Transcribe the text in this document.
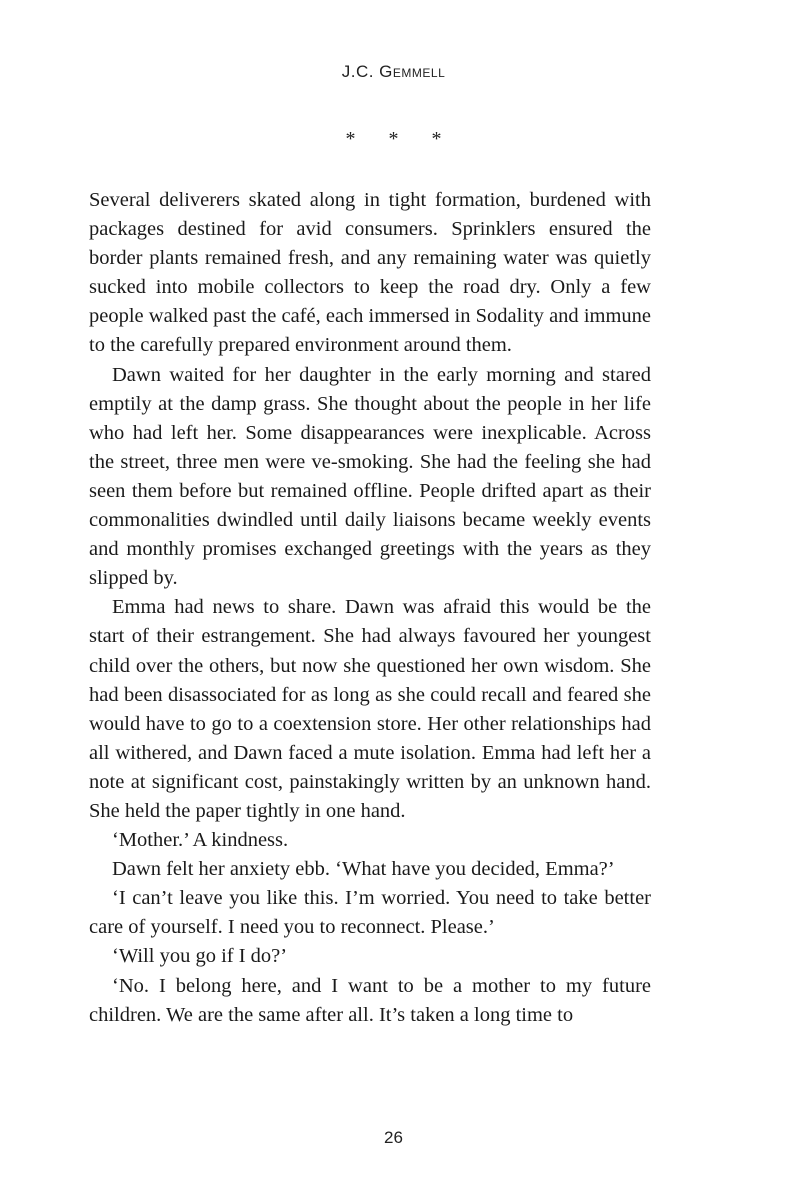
J.C. Gemmell
* * *

Several deliverers skated along in tight formation, burdened with packages destined for avid consumers. Sprinklers ensured the border plants remained fresh, and any remaining water was quietly sucked into mobile collectors to keep the road dry. Only a few people walked past the café, each immersed in Sodality and immune to the carefully prepared environment around them.

Dawn waited for her daughter in the early morning and stared emptily at the damp grass. She thought about the people in her life who had left her. Some disappearances were inexplicable. Across the street, three men were ve-smoking. She had the feeling she had seen them before but remained offline. People drifted apart as their commonalities dwindled until daily liaisons became weekly events and monthly promises exchanged greetings with the years as they slipped by.

Emma had news to share. Dawn was afraid this would be the start of their estrangement. She had always favoured her youngest child over the others, but now she questioned her own wisdom. She had been disassociated for as long as she could recall and feared she would have to go to a coextension store. Her other relationships had all withered, and Dawn faced a mute isolation. Emma had left her a note at significant cost, painstakingly written by an unknown hand. She held the paper tightly in one hand.

‘Mother.’ A kindness.

Dawn felt her anxiety ebb. ‘What have you decided, Emma?’

‘I can’t leave you like this. I’m worried. You need to take better care of yourself. I need you to reconnect. Please.’

‘Will you go if I do?’

‘No. I belong here, and I want to be a mother to my future children. We are the same after all. It’s taken a long time to

26
